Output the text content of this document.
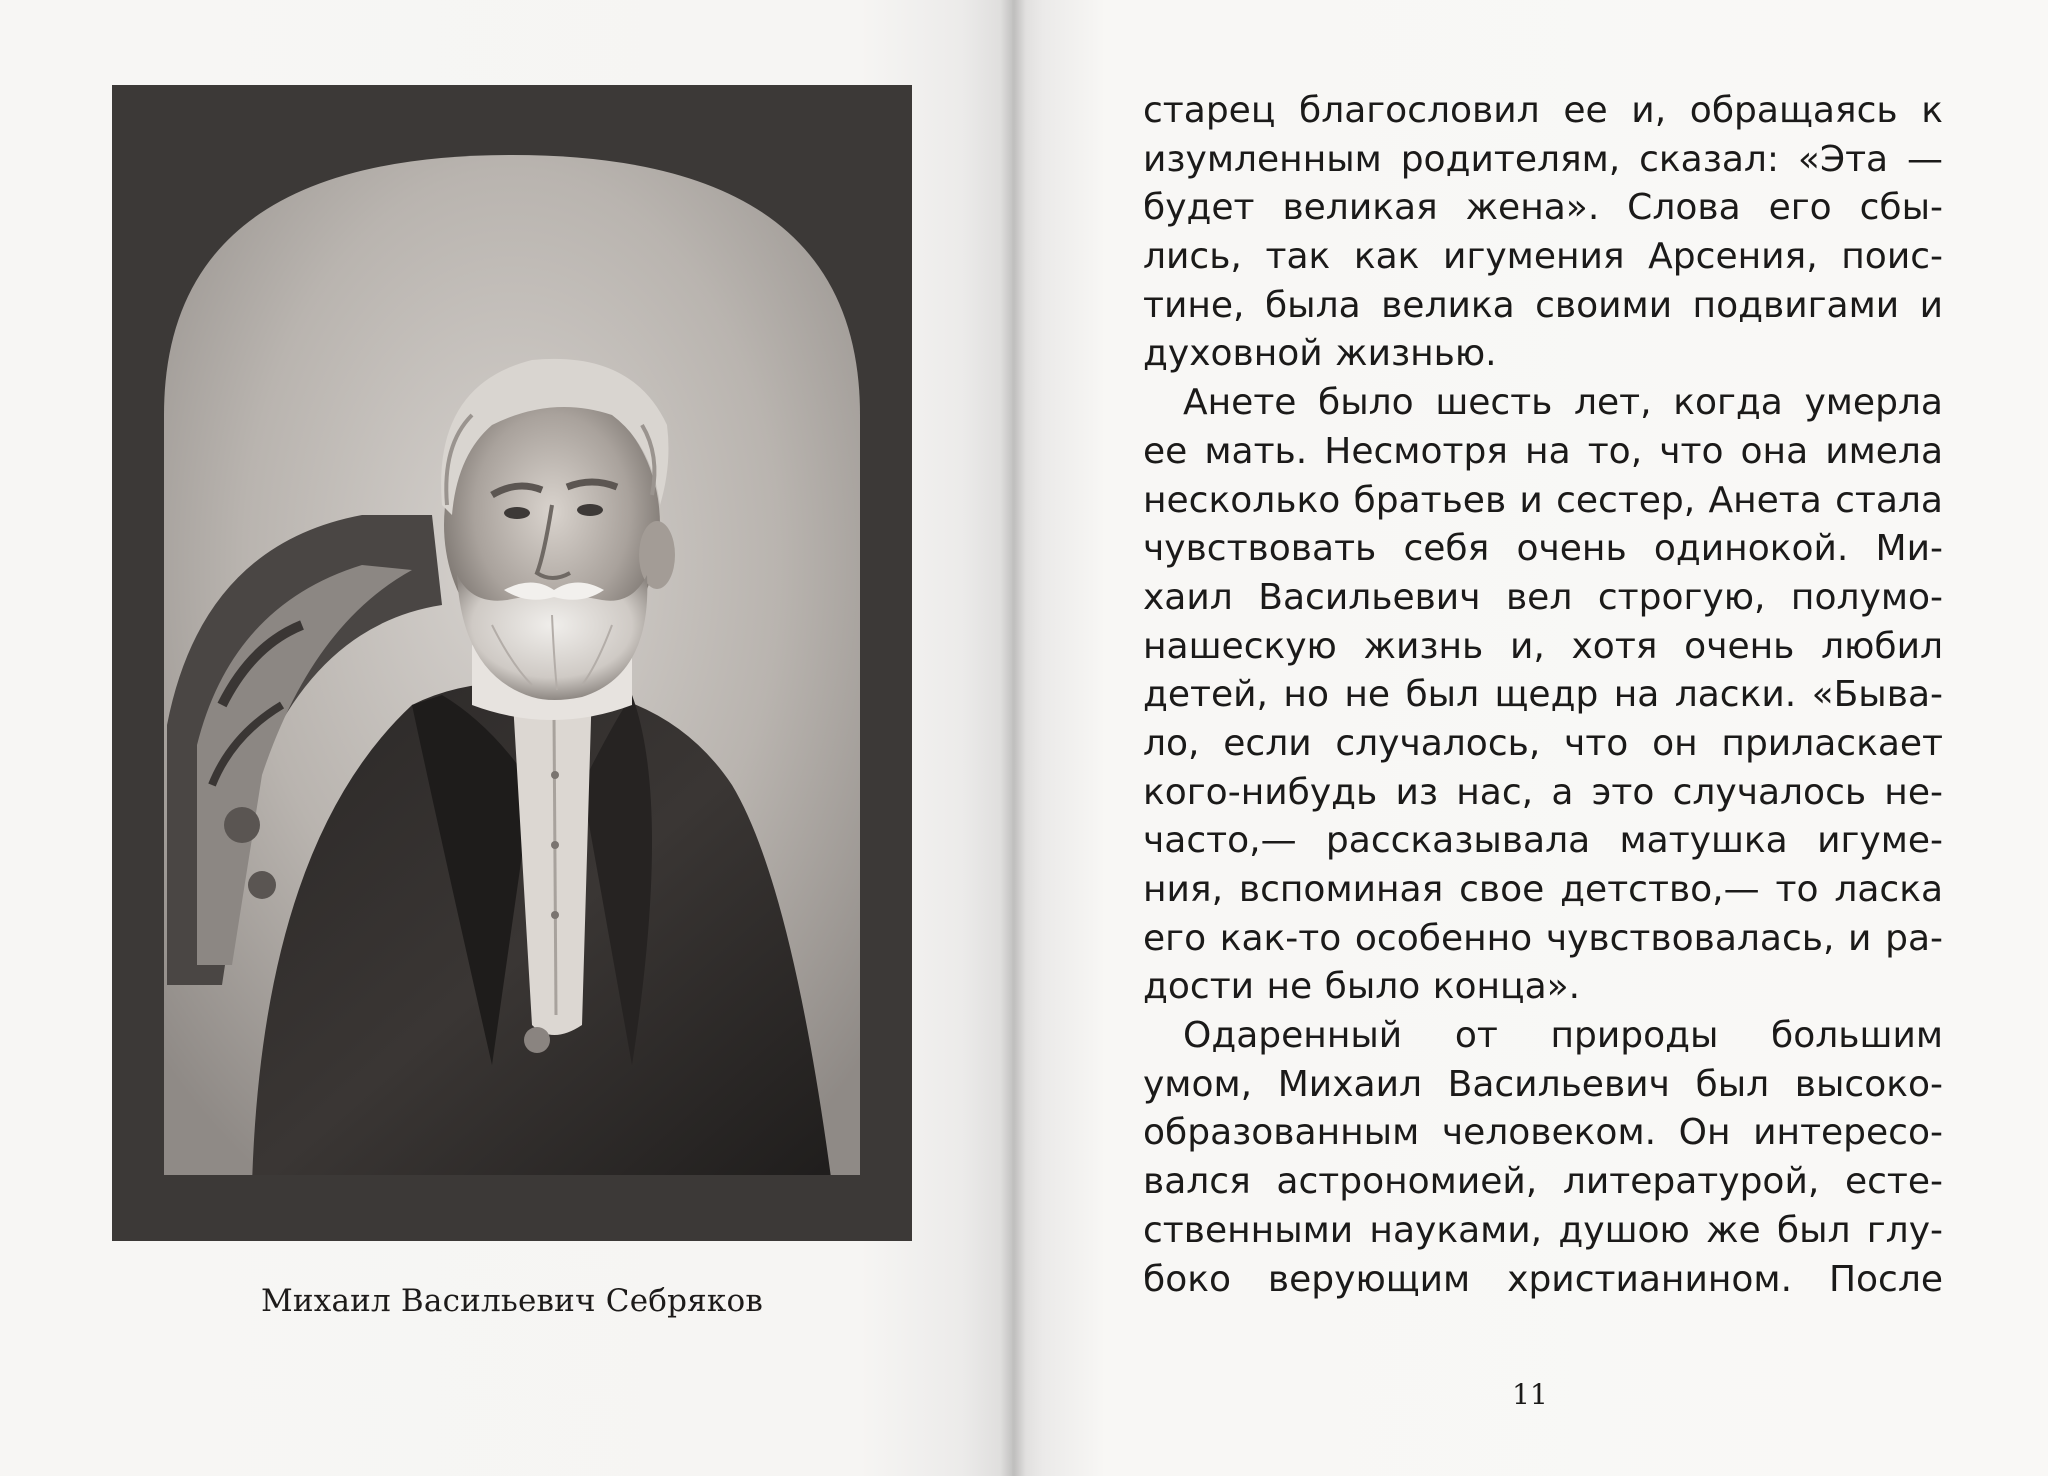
Михаил Васильевич Себряков

старец благословил ее и, обращаясь к
изумленным родителям, сказал: «Эта —
будет великая жена». Слова его сбы-
лись, так как игумения Арсения, поис-
тине, была велика своими подвигами и
духовной жизнью.
Анете было шесть лет, когда умерла
ее мать. Несмотря на то, что она имела
несколько братьев и сестер, Анета стала
чувствовать себя очень одинокой. Ми-
хаил Васильевич вел строгую, полумо-
нашескую жизнь и, хотя очень любил
детей, но не был щедр на ласки. «Быва-
ло, если случалось, что он приласкает
кого-нибудь из нас, а это случалось не-
часто,— рассказывала матушка игуме-
ния, вспоминая свое детство,— то ласка
его как-то особенно чувствовалась, и ра-
дости не было конца».
Одаренный от природы большим
умом, Михаил Васильевич был высоко-
образованным человеком. Он интересо-
вался астрономией, литературой, есте-
ственными науками, душою же был глу-
боко верующим христианином. После
11
